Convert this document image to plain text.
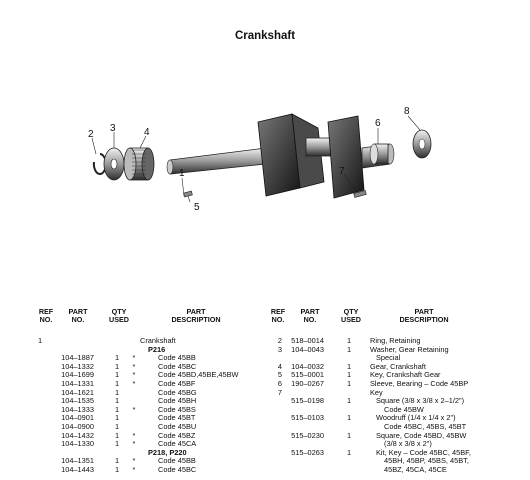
Crankshaft
1
2
3	4
5
6
7
8
REF
NO.
PART
NO.
QTY
USED
PART
DESCRIPTION
REF
NO.
PART
NO.
QTY
USED
PART
DESCRIPTION
1
104–1887
104–1332
104–1699
104–1331
104–1621
104–1535
104–1333
104–0901
104–0900
104–1432
104–1330
104–1351
104–1443
1
1
1
1
1
1
1
1
1
1
1
1
1
*
*
*
*
*
*
*
*
*
Crankshaft
P216
Code 45BB
Code 45BC
Code 45BD,45BE,45BW
Code 45BF
Code 45BG
Code 45BH
Code 45BS
Code 45BT
Code 45BU
Code 45BZ
Code 45CA
P218, P220
Code 45BB
Code 45BC
2
3
4
5
6
7
518–0014
104–0043
104–0032
515–0001
190–0267
515–0198
515–0103
515–0230
515–0263
1
1
1
1
1
1
1
1
1
Ring, Retaining
Washer, Gear Retaining
Special
Gear, Crankshaft
Key, Crankshaft Gear
Sleeve, Bearing – Code 45BP
Key
Square (3/8 x 3/8 x 2–1/2")
Code 45BW
Woodruff (1/4 x 1/4 x 2")
Code 45BC, 45BS, 45BT
Square, Code 45BD, 45BW
(3/8 x 3/8 x 2")
Kit, Key – Code 45BC, 45BF,
45BH, 45BP, 45BS, 45BT,
45BZ, 45CA, 45CE
